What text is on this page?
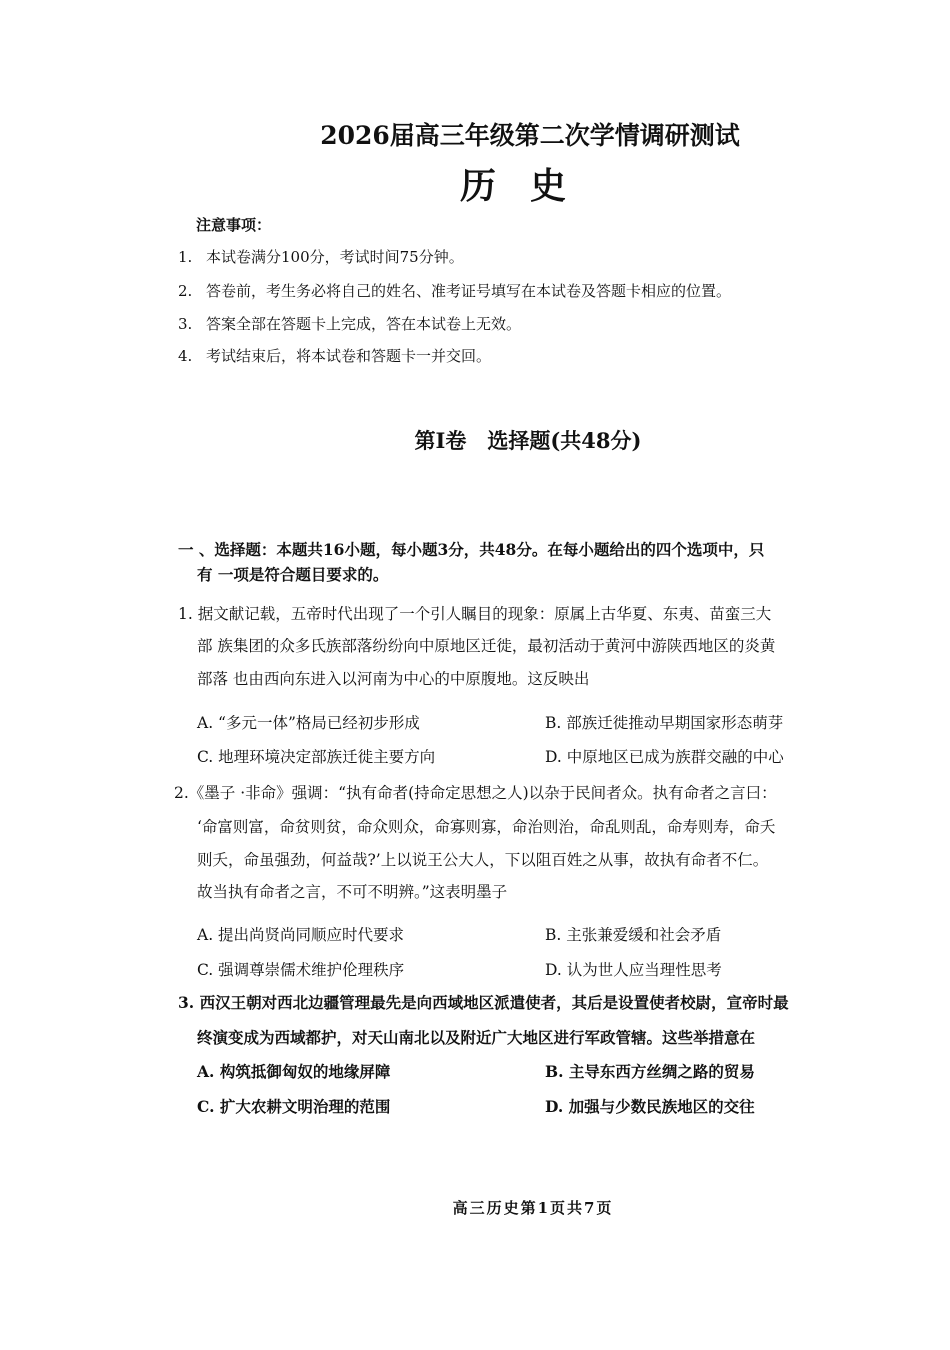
2026届高三年级第二次学情调研测试
历史
注意事项：
1. 本试卷满分100分，考试时间75分钟。
2. 答卷前，考生务必将自己的姓名、准考证号填写在本试卷及答题卡相应的位置。
3. 答案全部在答题卡上完成，答在本试卷上无效。
4. 考试结束后，将本试卷和答题卡一并交回。
第I卷　选择题(共48分)
一 、选择题：本题共16小题，每小题3分，共48分。在每小题给出的四个选项中，只
有 一项是符合题目要求的。
1. 据文献记载，五帝时代出现了一个引人瞩目的现象：原属上古华夏、东夷、苗蛮三大
部 族集团的众多氏族部落纷纷向中原地区迁徙，最初活动于黄河中游陕西地区的炎黄
部落 也由西向东进入以河南为中心的中原腹地。这反映出
A. “多元一体”格局已经初步形成	B. 部族迁徙推动早期国家形态萌芽
C. 地理环境决定部族迁徙主要方向	D. 中原地区已成为族群交融的中心
2.《墨子 ·非命》强调：“执有命者(持命定思想之人)以杂于民间者众。执有命者之言曰：
‘命富则富，命贫则贫，命众则众，命寡则寡，命治则治，命乱则乱，命寿则寿，命夭
则夭，命虽强劲，何益哉?’上以说王公大人，下以阻百姓之从事，故执有命者不仁。
故当执有命者之言，不可不明辨。”这表明墨子
A. 提出尚贤尚同顺应时代要求	B. 主张兼爱缓和社会矛盾
C. 强调尊崇儒术维护伦理秩序	D. 认为世人应当理性思考
3. 西汉王朝对西北边疆管理最先是向西域地区派遣使者，其后是设置使者校尉，宣帝时最
终演变成为西域都护，对天山南北以及附近广大地区进行军政管辖。这些举措意在
A. 构筑抵御匈奴的地缘屏障	B. 主导东西方丝绸之路的贸易
C. 扩大农耕文明治理的范围	D. 加强与少数民族地区的交往
高三历史第1页共7页
